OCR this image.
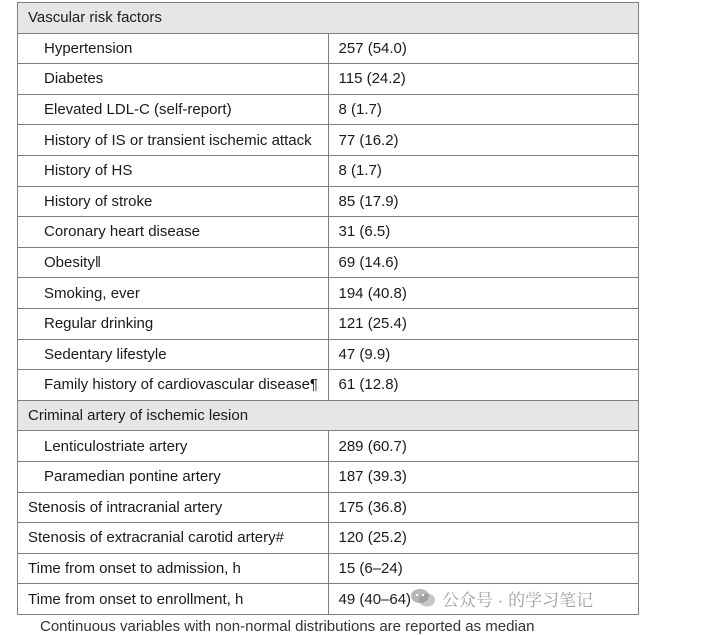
Vascular risk factors	
Hypertension	257 (54.0)
Diabetes	115 (24.2)
Elevated LDL-C (self-report)	8 (1.7)
History of IS or transient ischemic attack	77 (16.2)
History of HS	8 (1.7)
History of stroke	85 (17.9)
Coronary heart disease	31 (6.5)
Obesity‖	69 (14.6)
Smoking, ever	194 (40.8)
Regular drinking	121 (25.4)
Sedentary lifestyle	47 (9.9)
Family history of cardiovascular disease¶	61 (12.8)
Criminal artery of ischemic lesion	
Lenticulostriate artery	289 (60.7)
Paramedian pontine artery	187 (39.3)
Stenosis of intracranial artery	175 (36.8)
Stenosis of extracranial carotid artery#	120 (25.2)
Time from onset to admission, h	15 (6–24)
Time from onset to enrollment, h	49 (40–64) 公众号 · 的学习笔记
Continuous variables with non-normal distributions are reported as median
